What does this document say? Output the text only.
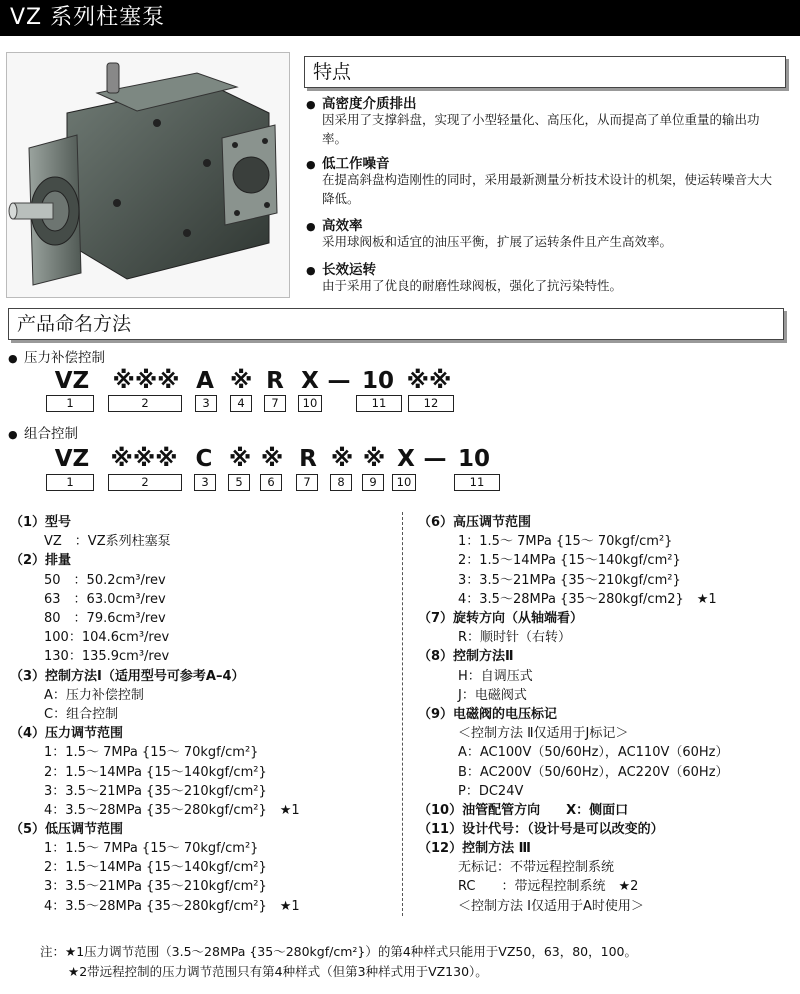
VZ 系列柱塞泵
特点
● 高密度介质排出
因采用了支撑斜盘，实现了小型轻量化、高压化，从而提高了单位重量的输出功率。
● 低工作噪音
在提高斜盘构造刚性的同时，采用最新测量分析技术设计的机架，使运转噪音大大降低。
● 高效率
采用球阀板和适宜的油压平衡，扩展了运转条件且产生高效率。
● 长效运转
由于采用了优良的耐磨性球阀板，强化了抗污染特性。
产品命名方法
● 压力补偿控制
VZ	※※※ A ※ R X — 10 ※※
1	2	3	4	7	10	11	12
● 组合控制
VZ ※※※ C ※ ※ R ※ ※ X — 10
1	2	3	5	6	7	8	9	10	11
（1）型号
VZ　：VZ系列柱塞泵
（2）排量
50　：50.2cm³/rev
63　：63.0cm³/rev
80　：79.6cm³/rev
100：104.6cm³/rev
130：135.9cm³/rev
（3）控制方法Ⅰ（适用型号可参考A–4）
A：压力补偿控制
C：组合控制
（4）压力调节范围
1：1.5～ 7MPa {15～ 70kgf/cm²}
2：1.5～14MPa {15～140kgf/cm²}
3：3.5～21MPa {35～210kgf/cm²}
4：3.5～28MPa {35～280kgf/cm²}　★1
（5）低压调节范围
1：1.5～ 7MPa {15～ 70kgf/cm²}
2：1.5～14MPa {15～140kgf/cm²}
3：3.5～21MPa {35～210kgf/cm²}
4：3.5～28MPa {35～280kgf/cm²}　★1
（6）高压调节范围
1：1.5～ 7MPa {15～ 70kgf/cm²}
2：1.5～14MPa {15～140kgf/cm²}
3：3.5～21MPa {35～210kgf/cm²}
4：3.5～28MPa {35～280kgf/cm2}　★1
（7）旋转方向（从轴端看）
R：顺时针（右转）
（8）控制方法Ⅱ
H：自调压式
J：电磁阀式
（9）电磁阀的电压标记
＜控制方法 Ⅱ仅适用于J标记＞
A：AC100V（50/60Hz），AC110V（60Hz）
B：AC200V（50/60Hz），AC220V（60Hz）
P：DC24V
（10）油管配管方向　　X：侧面口
（11）设计代号：（设计号是可以改变的）
（12）控制方法 Ⅲ
无标记：不带远程控制系统
RC　　：带远程控制系统　★2
＜控制方法 Ⅰ仅适用于A时使用＞
注：★1压力调节范围（3.5～28MPa {35～280kgf/cm²}）的第4种样式只能用于VZ50，63，80，100。
★2带远程控制的压力调节范围只有第4种样式（但第3种样式用于VZ130）。
